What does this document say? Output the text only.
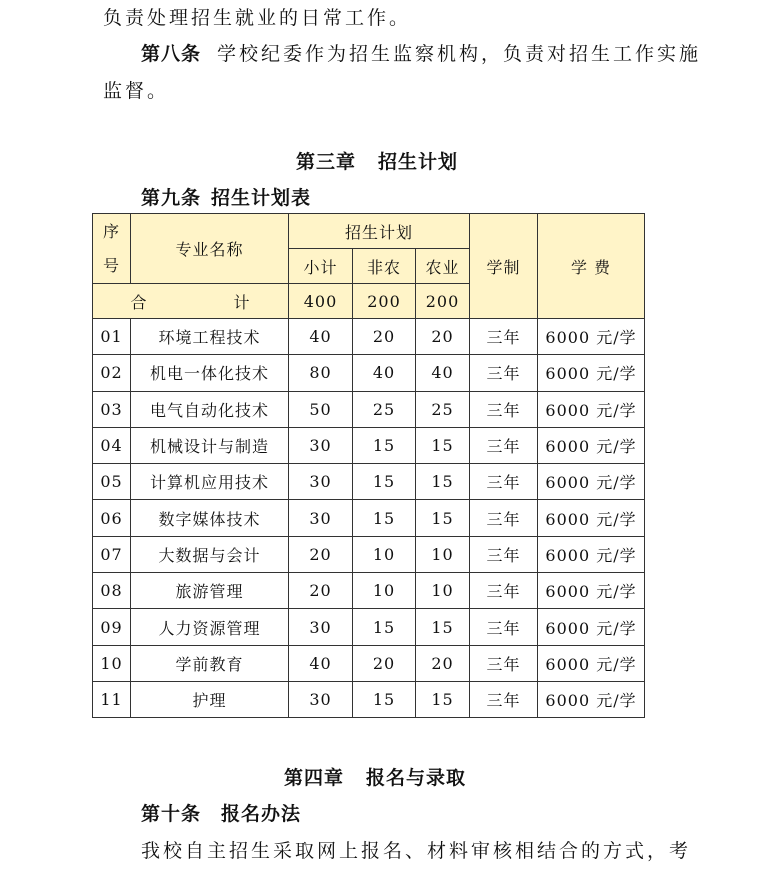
负责处理招生就业的日常工作。
第八条 学校纪委作为招生监察机构，负责对招生工作实施
监督。
第三章 招生计划
第九条 招生计划表
序
号	专业名称	招生计划			学制	学 费
		小计	非农	农业		
合 计		400	200	200		
01	环境工程技术	40	20	20	三年	6000 元/学
02	机电一体化技术	80	40	40	三年	6000 元/学
03	电气自动化技术	50	25	25	三年	6000 元/学
04	机械设计与制造	30	15	15	三年	6000 元/学
05	计算机应用技术	30	15	15	三年	6000 元/学
06	数字媒体技术	30	15	15	三年	6000 元/学
07	大数据与会计	20	10	10	三年	6000 元/学
08	旅游管理	20	10	10	三年	6000 元/学
09	人力资源管理	30	15	15	三年	6000 元/学
10	学前教育	40	20	20	三年	6000 元/学
11	护理	30	15	15	三年	6000 元/学
第四章 报名与录取
第十条 报名办法
我校自主招生采取网上报名、材料审核相结合的方式，考
